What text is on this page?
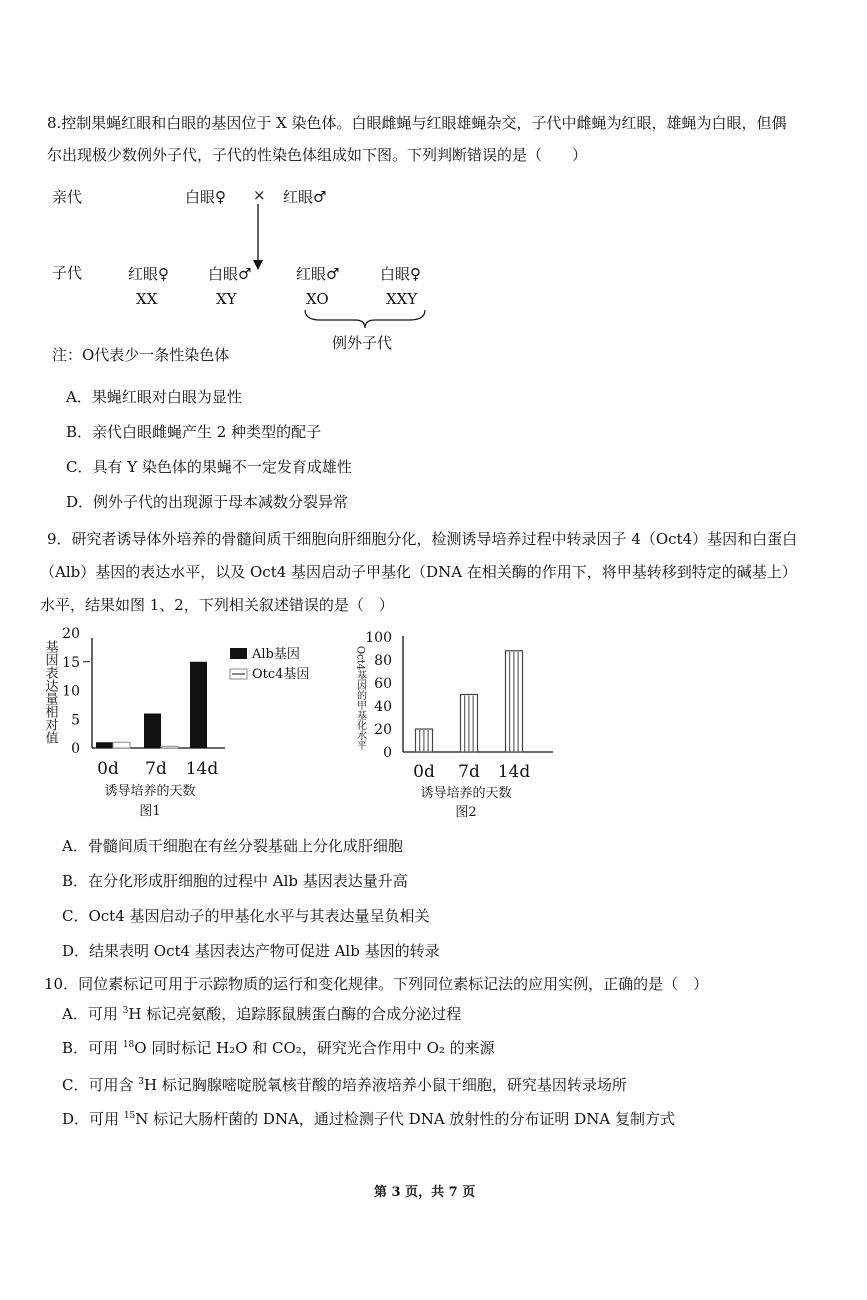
8.控制果蝇红眼和白眼的基因位于 X 染色体。白眼雌蝇与红眼雄蝇杂交，子代中雌蝇为红眼，雄蝇为白眼，但偶
尔出现极少数例外子代，子代的性染色体组成如下图。下列判断错误的是（　　）
亲代	白眼♀ × 红眼♂
子代	红眼♀	白眼♂	红眼♂	白眼♀
XX	XY	XO	XXY
例外子代
注：O代表少一条性染色体
A．果蝇红眼对白眼为显性
B．亲代白眼雌蝇产生 2 种类型的配子
C．具有 Y 染色体的果蝇不一定发育成雄性
D．例外子代的出现源于母本减数分裂异常
9．研究者诱导体外培养的骨髓间质干细胞向肝细胞分化，检测诱导培养过程中转录因子 4（Oct4）基因和白蛋白
（Alb）基因的表达水平，以及 Oct4 基因启动子甲基化（DNA 在相关酶的作用下，将甲基转移到特定的碱基上）
水平，结果如图 1、2，下列相关叙述错误的是（　）
基因表达量相对值
20
15
10
5
0
0d 7d 14d
Alb基因
Otc4基因
诱导培养的天数
图1
Oct4基因的甲基化水平
100
80
60
40
20
0
0d 7d 14d
诱导培养的天数
图2
A．骨髓间质干细胞在有丝分裂基础上分化成肝细胞
B．在分化形成肝细胞的过程中 Alb 基因表达量升高
C．Oct4 基因启动子的甲基化水平与其表达量呈负相关
D．结果表明 Oct4 基因表达产物可促进 Alb 基因的转录
10．同位素标记可用于示踪物质的运行和变化规律。下列同位素标记法的应用实例，正确的是（　）
A．可用 $^3$H 标记亮氨酸，追踪豚鼠胰蛋白酶的合成分泌过程
B．可用 $^{18}$O 同时标记 H₂O 和 CO₂，研究光合作用中 O₂ 的来源
C．可用含 $^3$H 标记胸腺嘧啶脱氧核苷酸的培养液培养小鼠干细胞，研究基因转录场所
D．可用 $^{15}$N 标记大肠杆菌的 DNA，通过检测子代 DNA 放射性的分布证明 DNA 复制方式
第 3 页，共 7 页
